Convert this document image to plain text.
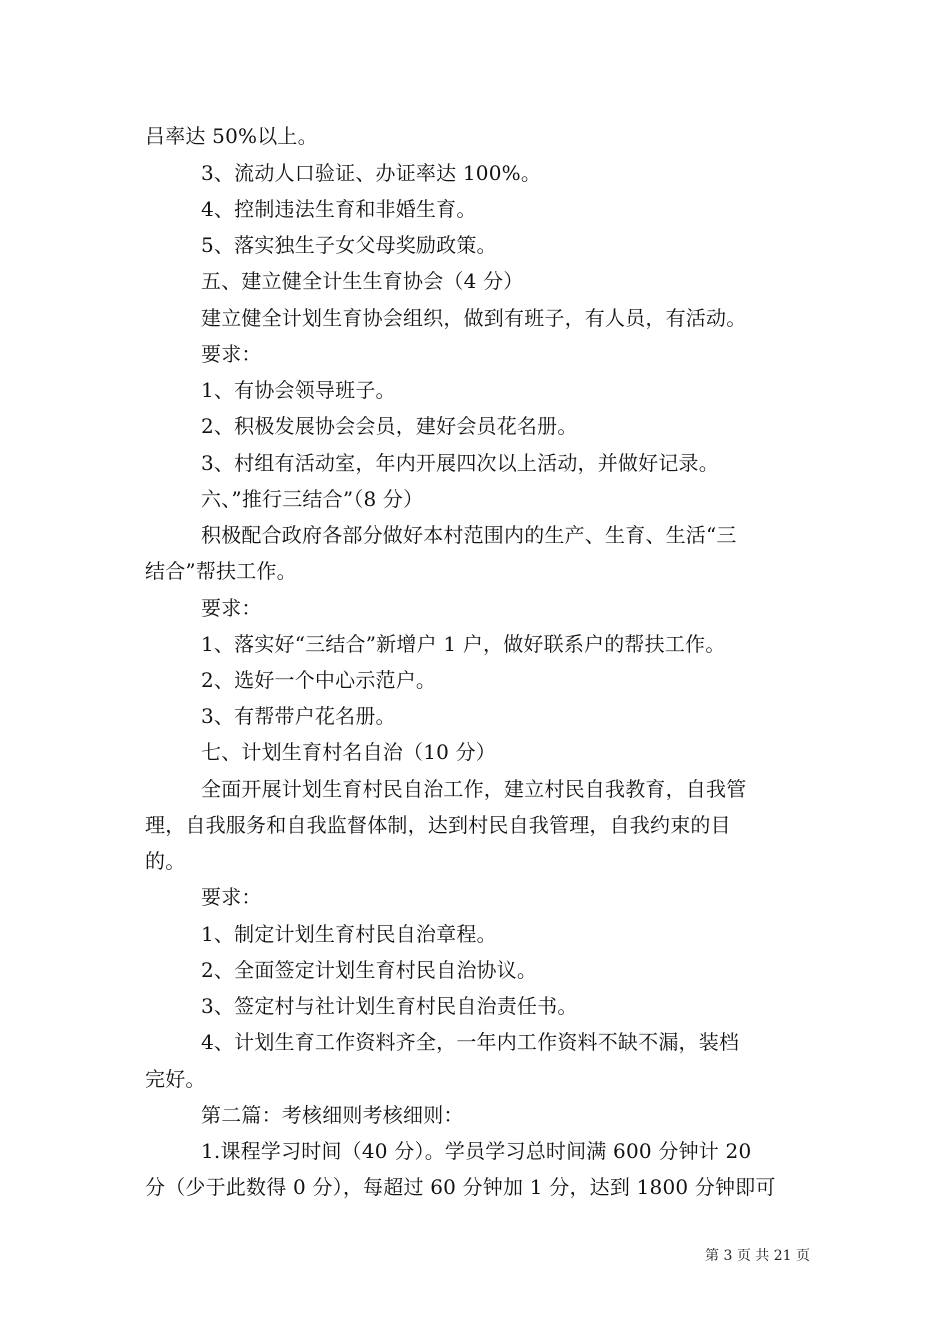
吕率达 50%以上。
3、流动人口验证、办证率达 100%。
4、控制违法生育和非婚生育。
5、落实独生子女父母奖励政策。
五、建立健全计生生育协会（4 分）
建立健全计划生育协会组织，做到有班子，有人员，有活动。
要求：
1、有协会领导班子。
2、积极发展协会会员，建好会员花名册。
3、村组有活动室，年内开展四次以上活动，并做好记录。
六、”推行三结合”（8 分）
积极配合政府各部分做好本村范围内的生产、生育、生活“三
结合”帮扶工作。
要求：
1、落实好“三结合”新增户 1 户，做好联系户的帮扶工作。
2、选好一个中心示范户。
3、有帮带户花名册。
七、计划生育村名自治（10 分）
全面开展计划生育村民自治工作，建立村民自我教育，自我管
理，自我服务和自我监督体制，达到村民自我管理，自我约束的目
的。
要求：
1、制定计划生育村民自治章程。
2、全面签定计划生育村民自治协议。
3、签定村与社计划生育村民自治责任书。
4、计划生育工作资料齐全，一年内工作资料不缺不漏，装档
完好。
第二篇：考核细则考核细则：
1.课程学习时间（40 分）。学员学习总时间满 600 分钟计 20
分（少于此数得 0 分），每超过 60 分钟加 1 分，达到 1800 分钟即可
第 3 页 共 21 页
